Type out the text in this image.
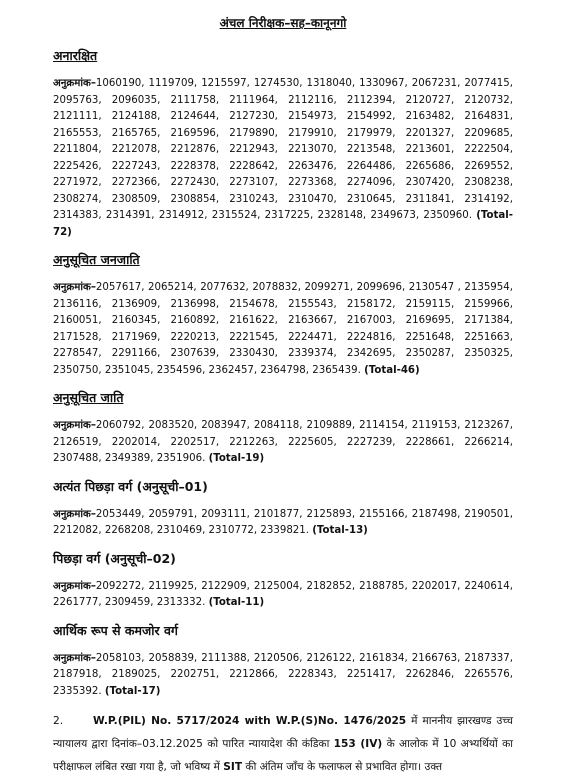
अंचल निरीक्षक–सह–कानूनगो
अनारक्षित

अनुक्रमांक–1060190, 1119709, 1215597, 1274530, 1318040, 1330967, 2067231, 2077415, 2095763, 2096035, 2111758, 2111964, 2112116, 2112394, 2120727, 2120732, 2121111, 2124188, 2124644, 2127230, 2154973, 2154992, 2163482, 2164831, 2165553, 2165765, 2169596, 2179890, 2179910, 2179979, 2201327, 2209685, 2211804, 2212078, 2212876, 2212943, 2213070, 2213548, 2213601, 2222504, 2225426, 2227243, 2228378, 2228642, 2263476, 2264486, 2265686, 2269552, 2271972, 2272366, 2272430, 2273107, 2273368, 2274096, 2307420, 2308238, 2308274, 2308509, 2308854, 2310243, 2310470, 2310645, 2311841, 2314192, 2314383, 2314391, 2314912, 2315524, 2317225, 2328148, 2349673, 2350960. (Total-72)

अनुसूचित जनजाति

अनुक्रमांक–2057617, 2065214, 2077632, 2078832, 2099271, 2099696, 2130547 , 2135954, 2136116, 2136909, 2136998, 2154678, 2155543, 2158172, 2159115, 2159966, 2160051, 2160345, 2160892, 2161622, 2163667, 2167003, 2169695, 2171384, 2171528, 2171969, 2220213, 2221545, 2224471, 2224816, 2251648, 2251663, 2278547, 2291166, 2307639, 2330430, 2339374, 2342695, 2350287, 2350325, 2350750, 2351045, 2354596, 2362457, 2364798, 2365439. (Total-46)

अनुसूचित जाति

अनुक्रमांक–2060792, 2083520, 2083947, 2084118, 2109889, 2114154, 2119153, 2123267, 2126519, 2202014, 2202517, 2212263, 2225605, 2227239, 2228661, 2266214, 2307488, 2349389, 2351906. (Total-19)

अत्यंत पिछड़ा वर्ग (अनुसूची–01)

अनुक्रमांक–2053449, 2059791, 2093111, 2101877, 2125893, 2155166, 2187498, 2190501, 2212082, 2268208, 2310469, 2310772, 2339821. (Total-13)

पिछड़ा वर्ग (अनुसूची–02)

अनुक्रमांक–2092272, 2119925, 2122909, 2125004, 2182852, 2188785, 2202017, 2240614, 2261777, 2309459, 2313332. (Total-11)

आर्थिक रूप से कमजोर वर्ग

अनुक्रमांक–2058103, 2058839, 2111388, 2120506, 2126122, 2161834, 2166763, 2187337, 2187918, 2189025, 2202751, 2212866, 2228343, 2251417, 2262846, 2265576, 2335392. (Total-17)

2.	W.P.(PIL) No. 5717/2024 with W.P.(S)No. 1476/2025 में माननीय झारखण्ड उच्च न्यायालय द्वारा दिनांक–03.12.2025 को पारित न्यायादेश की कंडिका 153 (IV) के आलोक में 10 अभ्यर्थियों का परीक्षाफल लंबित रखा गया है, जो भविष्य में SIT की अंतिम जाँच के फलाफल से प्रभावित होगा। उक्त
